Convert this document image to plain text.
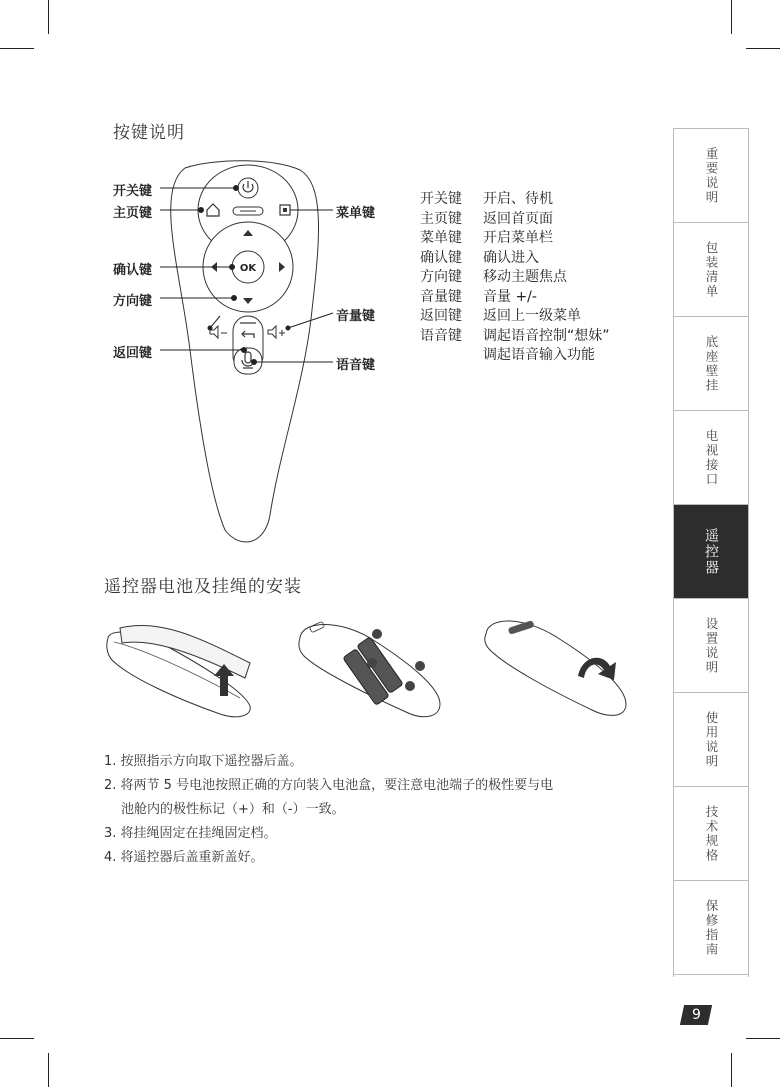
按键说明
OK
开关键
主页键
确认键
方向键
返回键
菜单键
音量键
语音键
开关键	开启、待机
主页键	返回首页面
菜单键	开启菜单栏
确认键	确认进入
方向键	移动主题焦点
音量键	音量 +/-
返回键	返回上一级菜单
语音键	调起语音控制“想妹”
调起语音输入功能
遥控器电池及挂绳的安装
1. 按照指示方向取下遥控器后盖。
2. 将两节 5 号电池按照正确的方向装入电池盒，要注意电池端子的极性要与电
池舱内的极性标记（+）和（-）一致。
3. 将挂绳固定在挂绳固定档。
4. 将遥控器后盖重新盖好。
重要说明
包装清单
底座壁挂
电视接口
遥控器
设置说明
使用说明
技术规格
保修指南
9
